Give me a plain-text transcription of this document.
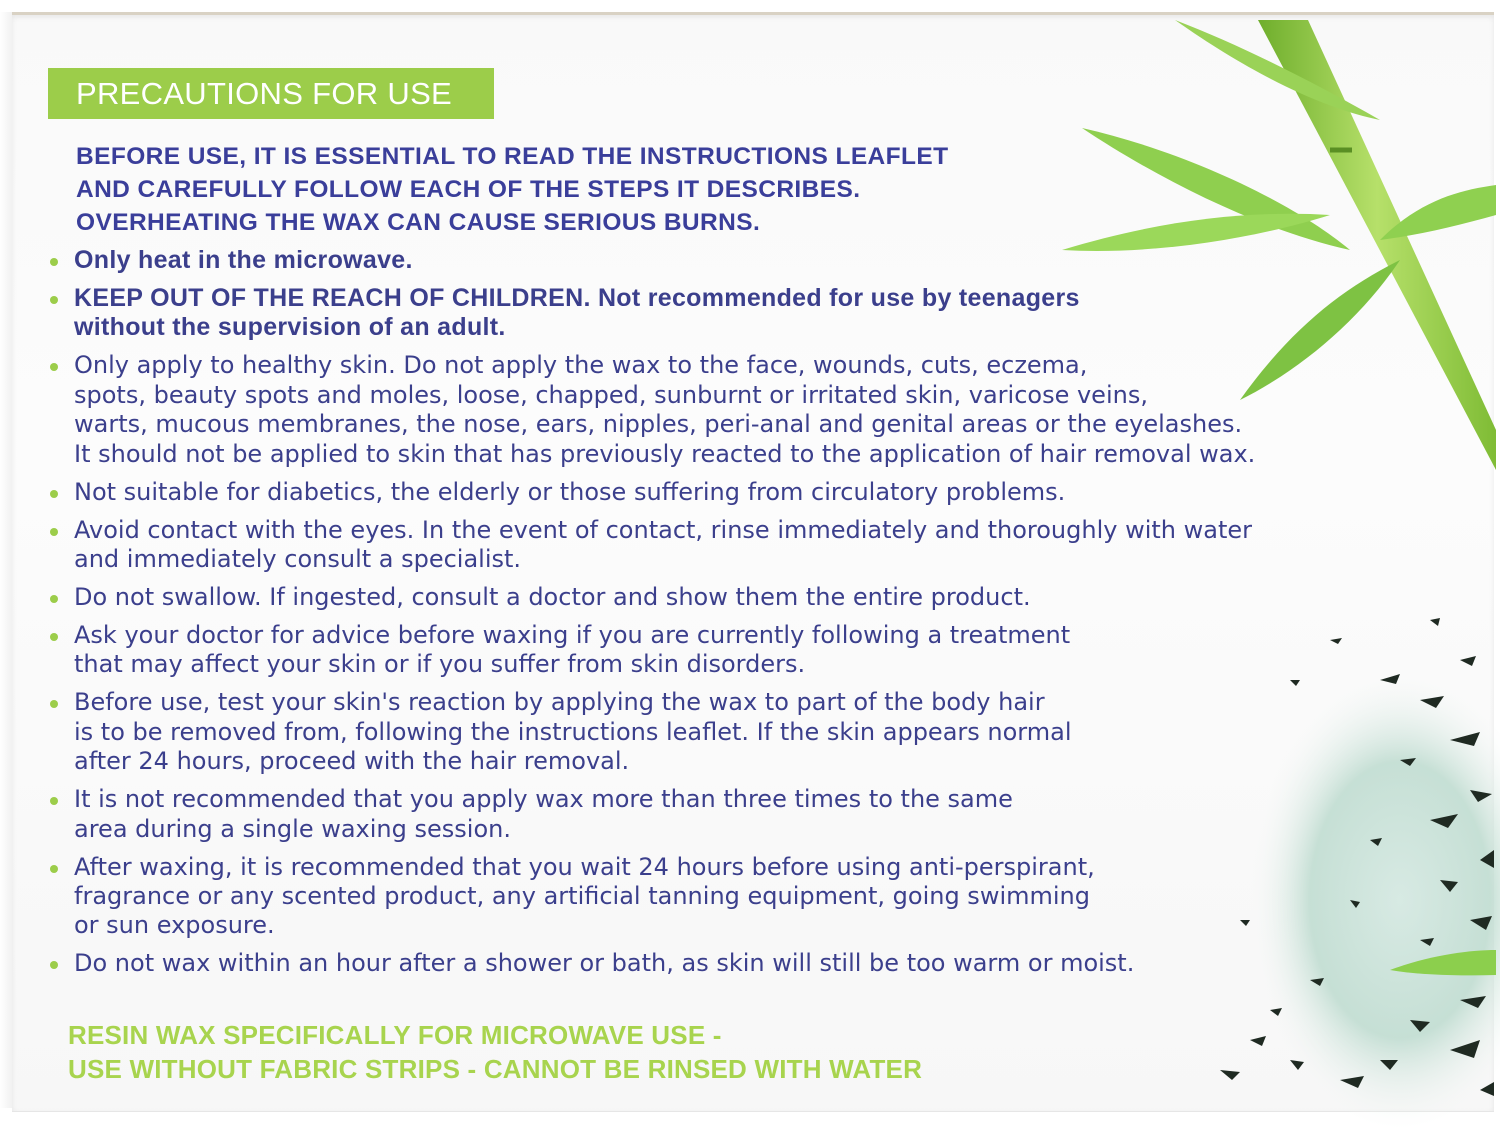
PRECAUTIONS FOR USE
BEFORE USE, IT IS ESSENTIAL TO READ THE INSTRUCTIONS LEAFLET
AND CAREFULLY FOLLOW EACH OF THE STEPS IT DESCRIBES.
OVERHEATING THE WAX CAN CAUSE SERIOUS BURNS.
Only heat in the microwave.
KEEP OUT OF THE REACH OF CHILDREN. Not recommended for use by teenagers
without the supervision of an adult.
Only apply to healthy skin. Do not apply the wax to the face, wounds, cuts, eczema,
spots, beauty spots and moles, loose, chapped, sunburnt or irritated skin, varicose veins,
warts, mucous membranes, the nose, ears, nipples, peri-anal and genital areas or the eyelashes.
It should not be applied to skin that has previously reacted to the application of hair removal wax.
Not suitable for diabetics, the elderly or those suffering from circulatory problems.
Avoid contact with the eyes. In the event of contact, rinse immediately and thoroughly with water
and immediately consult a specialist.
Do not swallow. If ingested, consult a doctor and show them the entire product.
Ask your doctor for advice before waxing if you are currently following a treatment
that may affect your skin or if you suffer from skin disorders.
Before use, test your skin's reaction by applying the wax to part of the body hair
is to be removed from, following the instructions leaflet. If the skin appears normal
after 24 hours, proceed with the hair removal.
It is not recommended that you apply wax more than three times to the same
area during a single waxing session.
After waxing, it is recommended that you wait 24 hours before using anti-perspirant,
fragrance or any scented product, any artificial tanning equipment, going swimming
or sun exposure.
Do not wax within an hour after a shower or bath, as skin will still be too warm or moist.
RESIN WAX SPECIFICALLY FOR MICROWAVE USE -
USE WITHOUT FABRIC STRIPS - CANNOT BE RINSED WITH WATER
